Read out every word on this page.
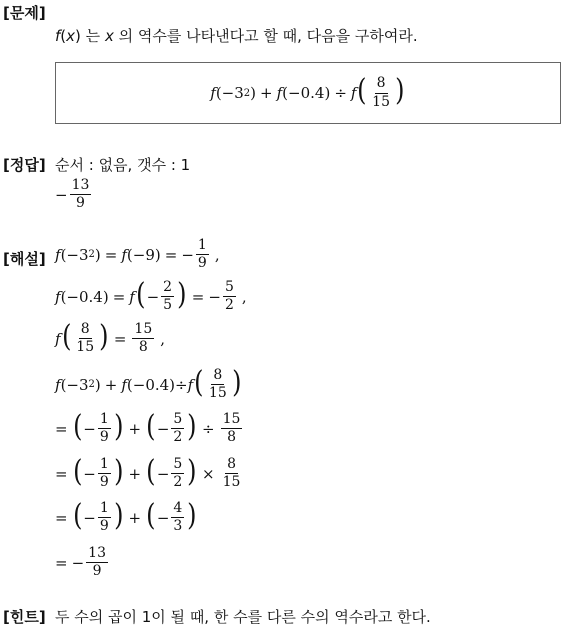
[문제]
f(x) 는 x 의 역수를 나타낸다고 할 때, 다음을 구하여라.
f (−3 2 ) + f (−0.4) ÷ f ( $\frac{8}{15}$ )
[정답] 순서 : 없음, 갯수 : 1
− $\frac{13}{9}$
[해설] f (−3 2 ) = f (−9) = − $\frac{1}{9}$ ,
f (−0.4) = f ( − $\frac{2}{5}$ ) = − $\frac{5}{2}$ ,
f ( $\frac{8}{15}$ ) = $\frac{15}{8}$ ,
f (−3 2 ) + f (−0.4) ÷ f ( $\frac{8}{15}$ )
= ( − $\frac{1}{9}$ ) + ( − $\frac{5}{2}$ ) ÷ $\frac{15}{8}$
= ( − $\frac{1}{9}$ ) + ( − $\frac{5}{2}$ ) × $\frac{8}{15}$
= ( − $\frac{1}{9}$ ) + ( − $\frac{4}{3}$ )
= − $\frac{13}{9}$
[힌트] 두 수의 곱이 1이 될 때, 한 수를 다른 수의 역수라고 한다.
